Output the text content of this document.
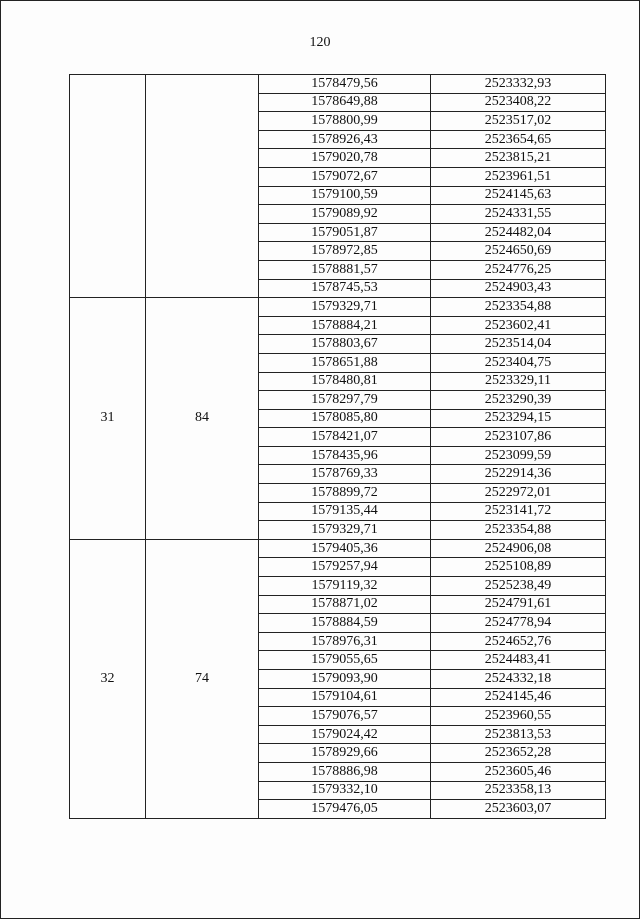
120
		1578479,56	2523332,93
		1578649,88	2523408,22
		1578800,99	2523517,02
		1578926,43	2523654,65
		1579020,78	2523815,21
		1579072,67	2523961,51
		1579100,59	2524145,63
		1579089,92	2524331,55
		1579051,87	2524482,04
		1578972,85	2524650,69
		1578881,57	2524776,25
		1578745,53	2524903,43
31	84	1579329,71	2523354,88
		1578884,21	2523602,41
		1578803,67	2523514,04
		1578651,88	2523404,75
		1578480,81	2523329,11
		1578297,79	2523290,39
		1578085,80	2523294,15
		1578421,07	2523107,86
		1578435,96	2523099,59
		1578769,33	2522914,36
		1578899,72	2522972,01
		1579135,44	2523141,72
		1579329,71	2523354,88
32	74	1579405,36	2524906,08
		1579257,94	2525108,89
		1579119,32	2525238,49
		1578871,02	2524791,61
		1578884,59	2524778,94
		1578976,31	2524652,76
		1579055,65	2524483,41
		1579093,90	2524332,18
		1579104,61	2524145,46
		1579076,57	2523960,55
		1579024,42	2523813,53
		1578929,66	2523652,28
		1578886,98	2523605,46
		1579332,10	2523358,13
		1579476,05	2523603,07
